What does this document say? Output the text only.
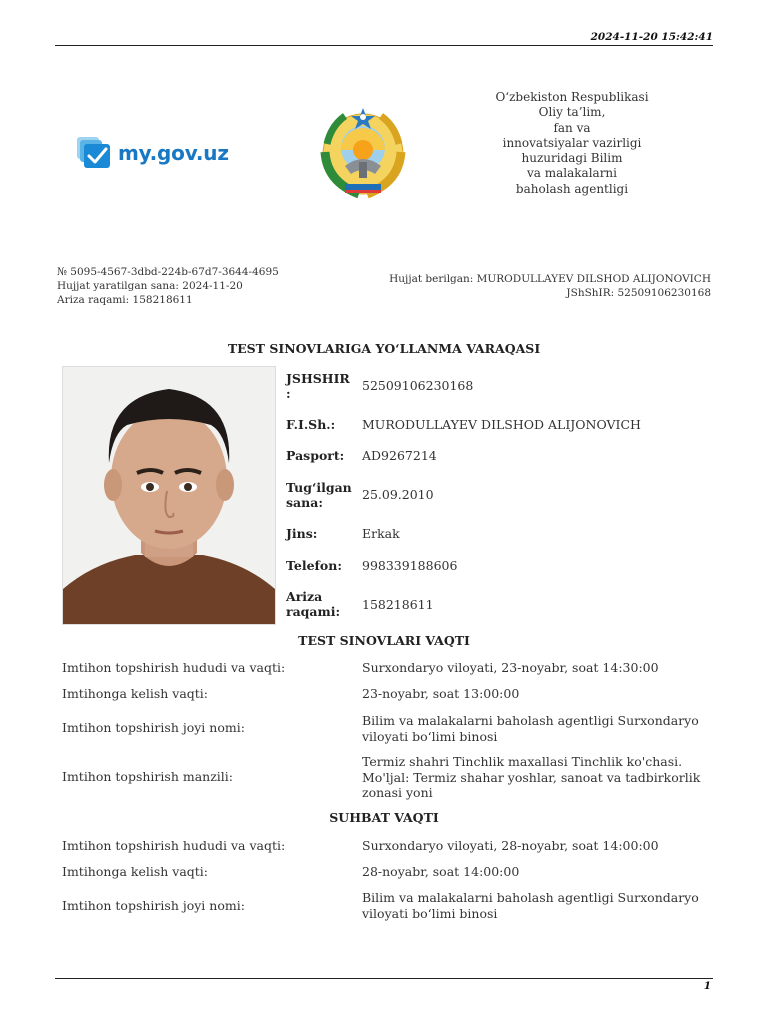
2024-11-20 15:42:41
my.gov.uz
O‘zbekiston Respublikasi
Oliy ta’lim,
fan va
innovatsiyalar vazirligi
huzuridagi Bilim
va malakalarni
baholash agentligi
№ 5095-4567-3dbd-224b-67d7-3644-4695
Hujjat yaratilgan sana: 2024-11-20
Ariza raqami: 158218611
Hujjat berilgan: MURODULLAYEV DILSHOD ALIJONOVICH
JShShIR: 52509106230168
TEST SINOVLARIGA YO‘LLANMA VARAQASI
JSHSHIR
:
52509106230168
F.I.Sh.: MURODULLAYEV DILSHOD ALIJONOVICH
Pasport: AD9267214
Tug‘ilgan
sana:
25.09.2010
Jins:	Erkak
Telefon: 998339188606
Ariza
raqami: 158218611
TEST SINOVLARI VAQTI
Imtihon topshirish hududi va vaqti:	Surxondaryo viloyati, 23-noyabr, soat 14:30:00
Imtihonga kelish vaqti:	23-noyabr, soat 13:00:00
Imtihon topshirish joyi nomi:	Bilim va malakalarni baholash agentligi Surxondaryo viloyati bo‘limi binosi
Imtihon topshirish manzili:
Termiz shahri Tinchlik maxallasi Tinchlik ko'chasi. Mo'ljal: Termiz shahar yoshlar, sanoat va tadbirkorlik zonasi yoni
SUHBAT VAQTI
Imtihon topshirish hududi va vaqti:	Surxondaryo viloyati, 28-noyabr, soat 14:00:00
Imtihonga kelish vaqti:	28-noyabr, soat 14:00:00
Imtihon topshirish joyi nomi:
Bilim va malakalarni baholash agentligi Surxondaryo viloyati bo‘limi binosi
1
